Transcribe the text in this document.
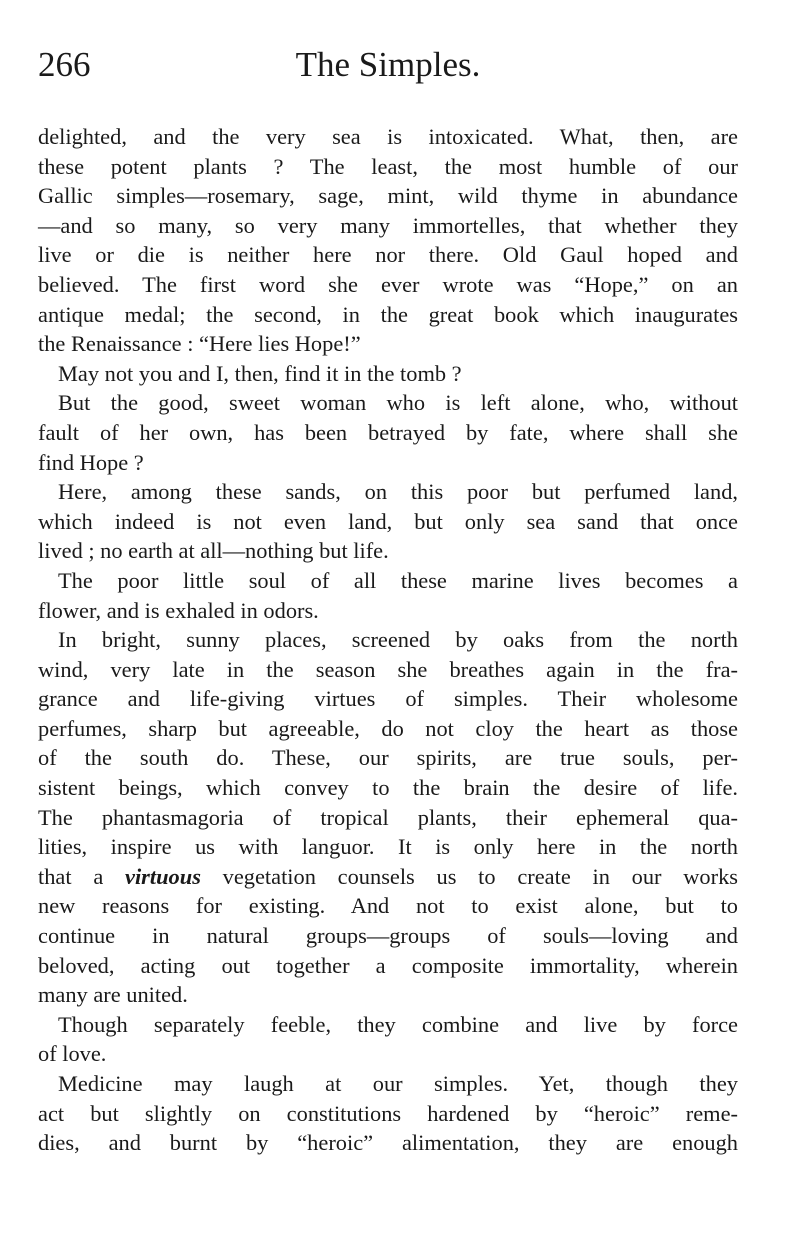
266	The Simples.
delighted, and the very sea is intoxicated. What, then, are
these potent plants ? The least, the most humble of our
Gallic simples—rosemary, sage, mint, wild thyme in abundance
—and so many, so very many immortelles, that whether they
live or die is neither here nor there. Old Gaul hoped and
believed. The first word she ever wrote was “Hope,” on an
antique medal; the second, in the great book which inaugurates
the Renaissance : “Here lies Hope!”
May not you and I, then, find it in the tomb ?
But the good, sweet woman who is left alone, who, without
fault of her own, has been betrayed by fate, where shall she
find Hope ?
Here, among these sands, on this poor but perfumed land,
which indeed is not even land, but only sea sand that once
lived ; no earth at all—nothing but life.
The poor little soul of all these marine lives becomes a
flower, and is exhaled in odors.
In bright, sunny places, screened by oaks from the north
wind, very late in the season she breathes again in the fra-
grance and life-giving virtues of simples. Their wholesome
perfumes, sharp but agreeable, do not cloy the heart as those
of the south do. These, our spirits, are true souls, per-
sistent beings, which convey to the brain the desire of life.
The phantasmagoria of tropical plants, their ephemeral qua-
lities, inspire us with languor. It is only here in the north
that a virtuous vegetation counsels us to create in our works
new reasons for existing. And not to exist alone, but to
continue in natural groups—groups of souls—loving and
beloved, acting out together a composite immortality, wherein
many are united.
Though separately feeble, they combine and live by force
of love.
Medicine may laugh at our simples. Yet, though they
act but slightly on constitutions hardened by “heroic” reme-
dies, and burnt by “heroic” alimentation, they are enough
